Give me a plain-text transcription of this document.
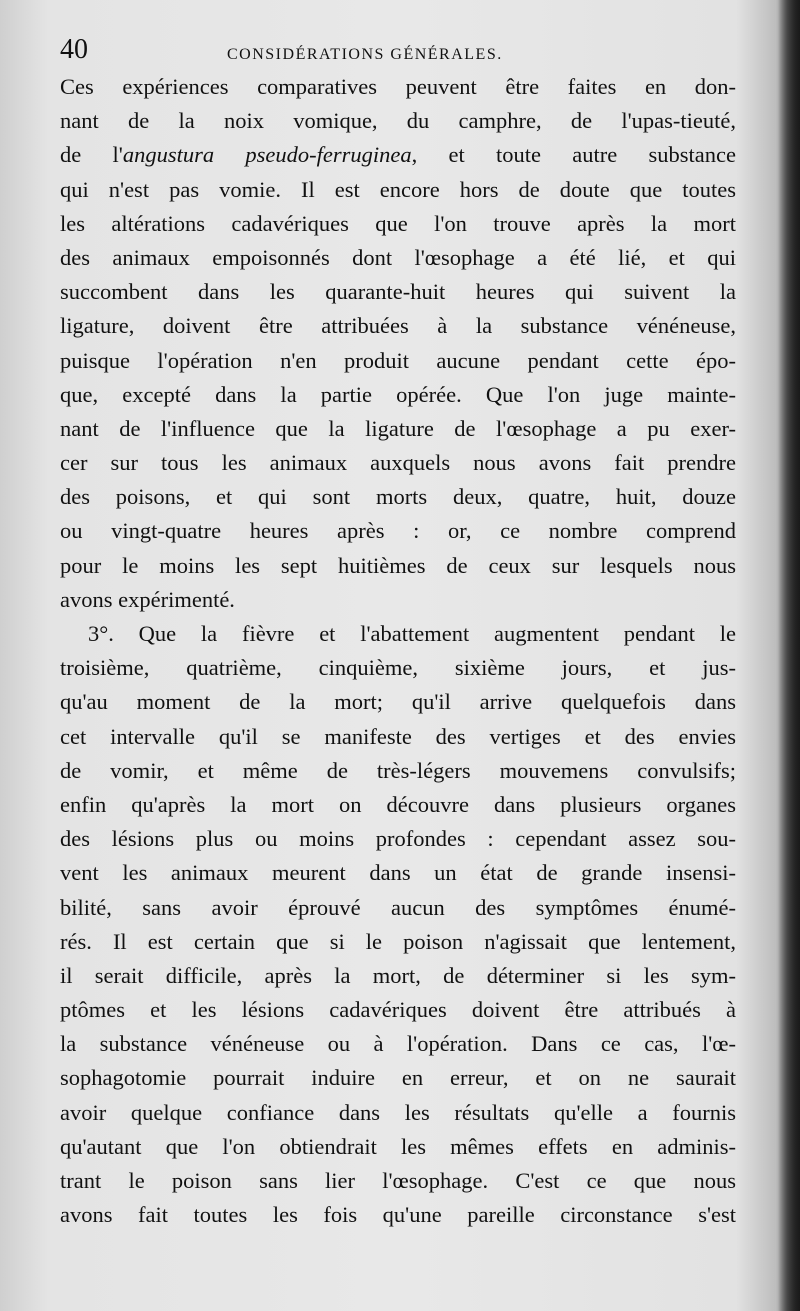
40	CONSIDÉRATIONS GÉNÉRALES.
Ces expériences comparatives peuvent être faites en don-
nant de la noix vomique, du camphre, de l'upas-tieuté,
de l'angustura pseudo-ferruginea, et toute autre substance
qui n'est pas vomie. Il est encore hors de doute que toutes
les altérations cadavériques que l'on trouve après la mort
des animaux empoisonnés dont l'œsophage a été lié, et qui
succombent dans les quarante-huit heures qui suivent la
ligature, doivent être attribuées à la substance vénéneuse,
puisque l'opération n'en produit aucune pendant cette épo-
que, excepté dans la partie opérée. Que l'on juge mainte-
nant de l'influence que la ligature de l'œsophage a pu exer-
cer sur tous les animaux auxquels nous avons fait prendre
des poisons, et qui sont morts deux, quatre, huit, douze
ou vingt-quatre heures après : or, ce nombre comprend
pour le moins les sept huitièmes de ceux sur lesquels nous
avons expérimenté.
3°. Que la fièvre et l'abattement augmentent pendant le
troisième, quatrième, cinquième, sixième jours, et jus-
qu'au moment de la mort; qu'il arrive quelquefois dans
cet intervalle qu'il se manifeste des vertiges et des envies
de vomir, et même de très-légers mouvemens convulsifs;
enfin qu'après la mort on découvre dans plusieurs organes
des lésions plus ou moins profondes : cependant assez sou-
vent les animaux meurent dans un état de grande insensi-
bilité, sans avoir éprouvé aucun des symptômes énumé-
rés. Il est certain que si le poison n'agissait que lentement,
il serait difficile, après la mort, de déterminer si les sym-
ptômes et les lésions cadavériques doivent être attribués à
la substance vénéneuse ou à l'opération. Dans ce cas, l'œ-
sophagotomie pourrait induire en erreur, et on ne saurait
avoir quelque confiance dans les résultats qu'elle a fournis
qu'autant que l'on obtiendrait les mêmes effets en adminis-
trant le poison sans lier l'œsophage. C'est ce que nous
avons fait toutes les fois qu'une pareille circonstance s'est
